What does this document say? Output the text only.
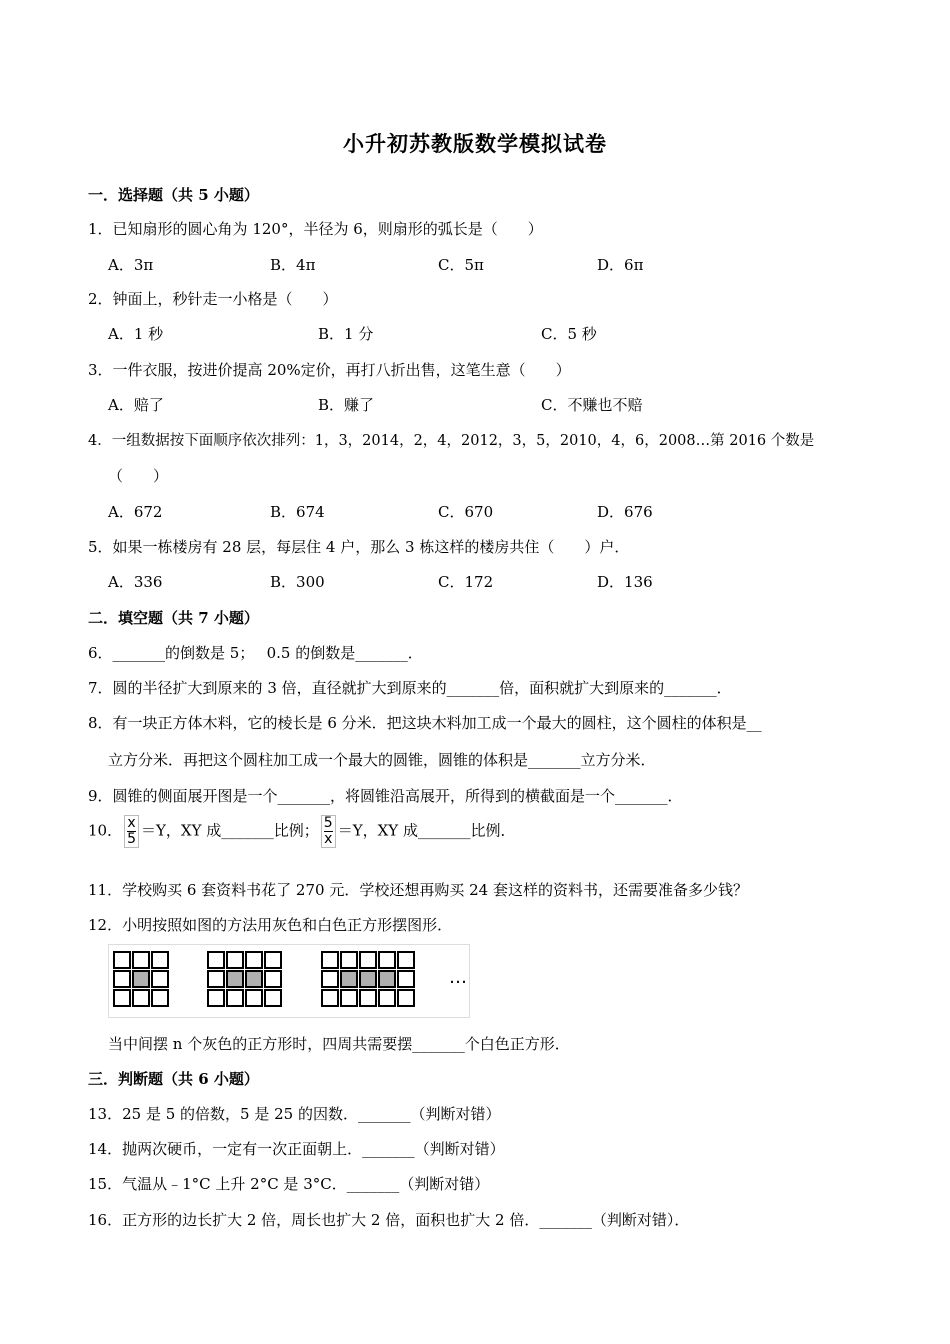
小升初苏教版数学模拟试卷
一．选择题（共 5 小题）
1．已知扇形的圆心角为 120°，半径为 6，则扇形的弧长是（　　）
A．3π	B．4π	C．5π	D．6π
2．钟面上，秒针走一小格是（　　）
A．1 秒	B．1 分	C．5 秒
3．一件衣服，按进价提高 20%定价，再打八折出售，这笔生意（　　）
A．赔了	B．赚了	C．不赚也不赔
4．一组数据按下面顺序依次排列：1，3，2014，2，4，2012，3，5，2010，4，6，2008…第 2016 个数是
（　　）
A．672	B．674	C．670	D．676
5．如果一栋楼房有 28 层，每层住 4 户，那么 3 栋这样的楼房共住（　　）户．
A．336	B．300	C．172	D．136
二．填空题（共 7 小题）
6．_______的倒数是 5；　 0.5 的倒数是_______．
7．圆的半径扩大到原来的 3 倍，直径就扩大到原来的_______倍，面积就扩大到原来的_______．
8．有一块正方体木料，它的棱长是 6 分米．把这块木料加工成一个最大的圆柱，这个圆柱的体积是__
立方分米．再把这个圆柱加工成一个最大的圆锥，圆锥的体积是_______立方分米．
9．圆锥的侧面展开图是一个_______，将圆锥沿高展开，所得到的横截面是一个_______．
10． $\frac{x}{5} =Y$，XY 成_______比例； $\frac{5}{x} =Y$，XY 成_______比例．
11．学校购买 6 套资料书花了 270 元．学校还想再购买 24 套这样的资料书，还需要准备多少钱？
12．小明按照如图的方法用灰色和白色正方形摆图形．
…
当中间摆 n 个灰色的正方形时，四周共需要摆_______个白色正方形．
三．判断题（共 6 小题）
13．25 是 5 的倍数，5 是 25 的因数．_______（判断对错）
14．抛两次硬币，一定有一次正面朝上．_______（判断对错）
15．气温从﹣1°C 上升 2°C 是 3°C．_______（判断对错）
16．正方形的边长扩大 2 倍，周长也扩大 2 倍，面积也扩大 2 倍．_______（判断对错）．
